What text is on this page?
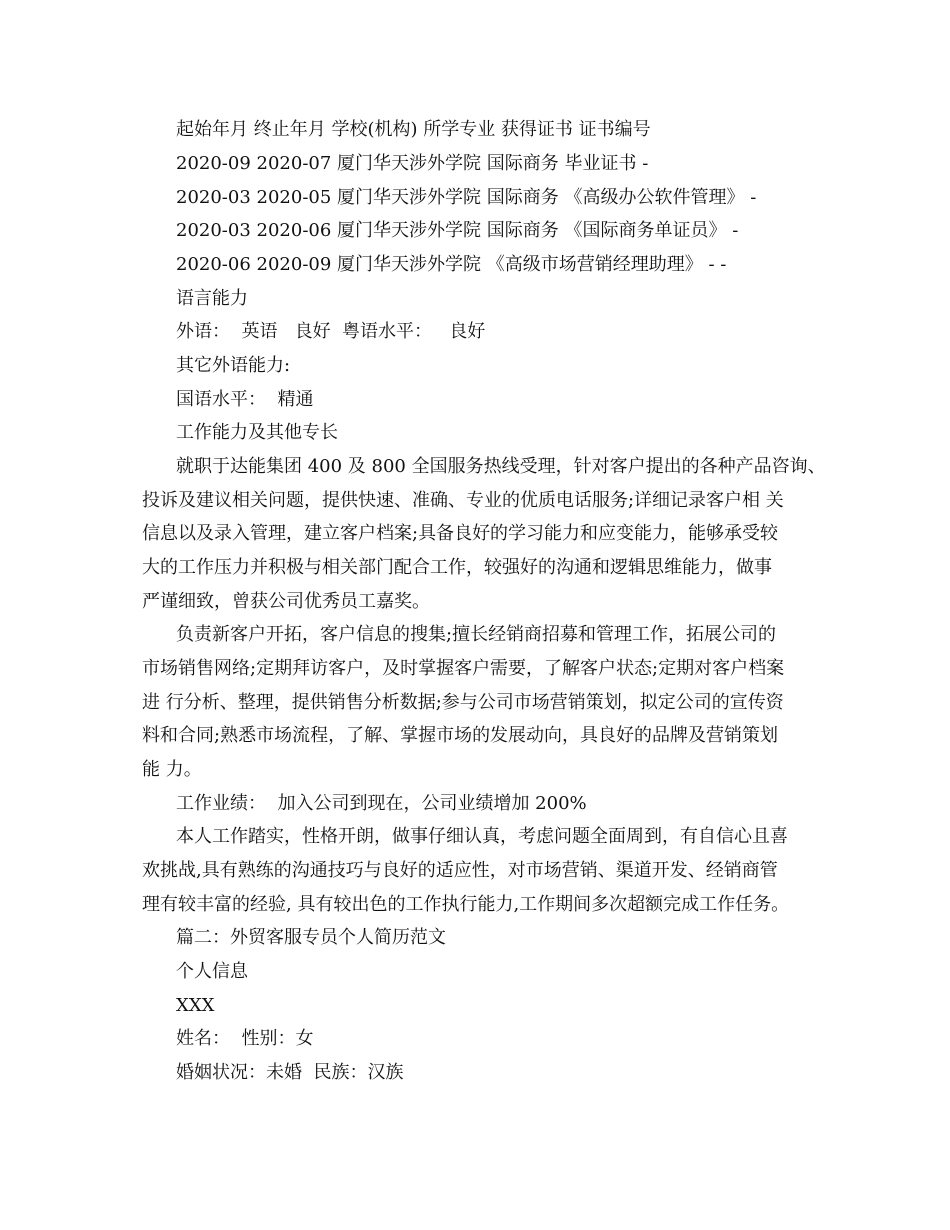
起始年月 终止年月 学校(机构) 所学专业 获得证书 证书编号
2020-09 2020-07 厦门华天涉外学院 国际商务 毕业证书 -
2020-03 2020-05 厦门华天涉外学院 国际商务 《高级办公软件管理》 -
2020-03 2020-06 厦门华天涉外学院 国际商务 《国际商务单证员》 -
2020-06 2020-09 厦门华天涉外学院 《高级市场营销经理助理》 - -
语言能力
外语：  英语   良好  粤语水平：   良好
其它外语能力:
国语水平：  精通
工作能力及其他专长
就职于达能集团 400 及 800 全国服务热线受理，针对客户提出的各种产品咨询、
投诉及建议相关问题，提供快速、准确、专业的优质电话服务;详细记录客户相 关
信息以及录入管理，建立客户档案;具备良好的学习能力和应变能力，能够承受较
大的工作压力并积极与相关部门配合工作，较强好的沟通和逻辑思维能力，做事
严谨细致，曾获公司优秀员工嘉奖。
负责新客户开拓，客户信息的搜集;擅长经销商招募和管理工作，拓展公司的
市场销售网络;定期拜访客户，及时掌握客户需要，了解客户状态;定期对客户档案
进 行分析、整理，提供销售分析数据;参与公司市场营销策划，拟定公司的宣传资
料和合同;熟悉市场流程，了解、掌握市场的发展动向，具良好的品牌及营销策划
能 力。
工作业绩：  加入公司到现在，公司业绩增加 200%
本人工作踏实，性格开朗，做事仔细认真，考虑问题全面周到，有自信心且喜
欢挑战,具有熟练的沟通技巧与良好的适应性，对市场营销、渠道开发、经销商管
理有较丰富的经验, 具有较出色的工作执行能力,工作期间多次超额完成工作任务。
篇二：外贸客服专员个人简历范文
个人信息
XXX
姓名：  性别：女
婚姻状况：未婚  民族：汉族
